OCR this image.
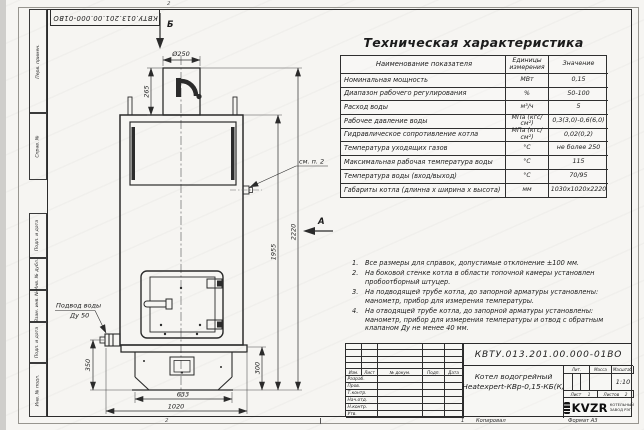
2
2
КВТУ.013.201.00.000-01ВО
Перв. примен.
Справ. №
Подп. и дата
Инв. № дубл.
Взам. инв. №
Подп. и дата
Инв. № подл.
Б
А
Ø250
265
350	300
1955
2220
633
1020
см. п. 2
Подвод воды
Ду 50
Техническая характеристика
Наименование показателя	Единицы измерения	Значение
Номинальная мощность	МВт	0,15
Диапазон рабочего регулирования	%	50-100
Расход воды	м³/ч	5
Рабочее давление воды	МПа (кгс/см²)	0,3(3,0)-0,6(6,0)
Гидравлическое сопротивление котла	МПа (кгс/см²)	0,02(0,2)
Температура уходящих газов	°С	не более 250
Максимальная рабочая температура воды	°С	115
Температура воды (вход/выход)	°С	70/95
Габариты котла (длинна х ширина х высота)	мм	1030х1020х2220
1.	Все размеры для справок, допустимые отклонение ±100 мм.
2.	На боковой стенке котла в области топочной камеры установлен пробоотборный штуцер.
3.	На подводящей трубе котла, до запорной арматуры установлены: манометр, прибор для измерения температуры.
4.	На отводящей трубе котла, до запорной арматуры установлены: манометр, прибор для измерения температуры и отвод с обратным клапаном Ду не менее 40 мм.
Изм.	Лист	№ докум.	Подп.	Дата
Разраб.
Пров.
Т.контр.
Нач.отд.
Н.контр.
Утв.
КВТУ.013.201.00.000-01ВО
Котел водогрейный
Heatexpert-КВр-0,15-КБ(К)
Лит.	Масса	Масштаб
1:10
Лист 1	Листов 2
KVZR КОТЕЛЬНЫЙ
ЗАВОД РЭП
1 Копировал	Формат А3
